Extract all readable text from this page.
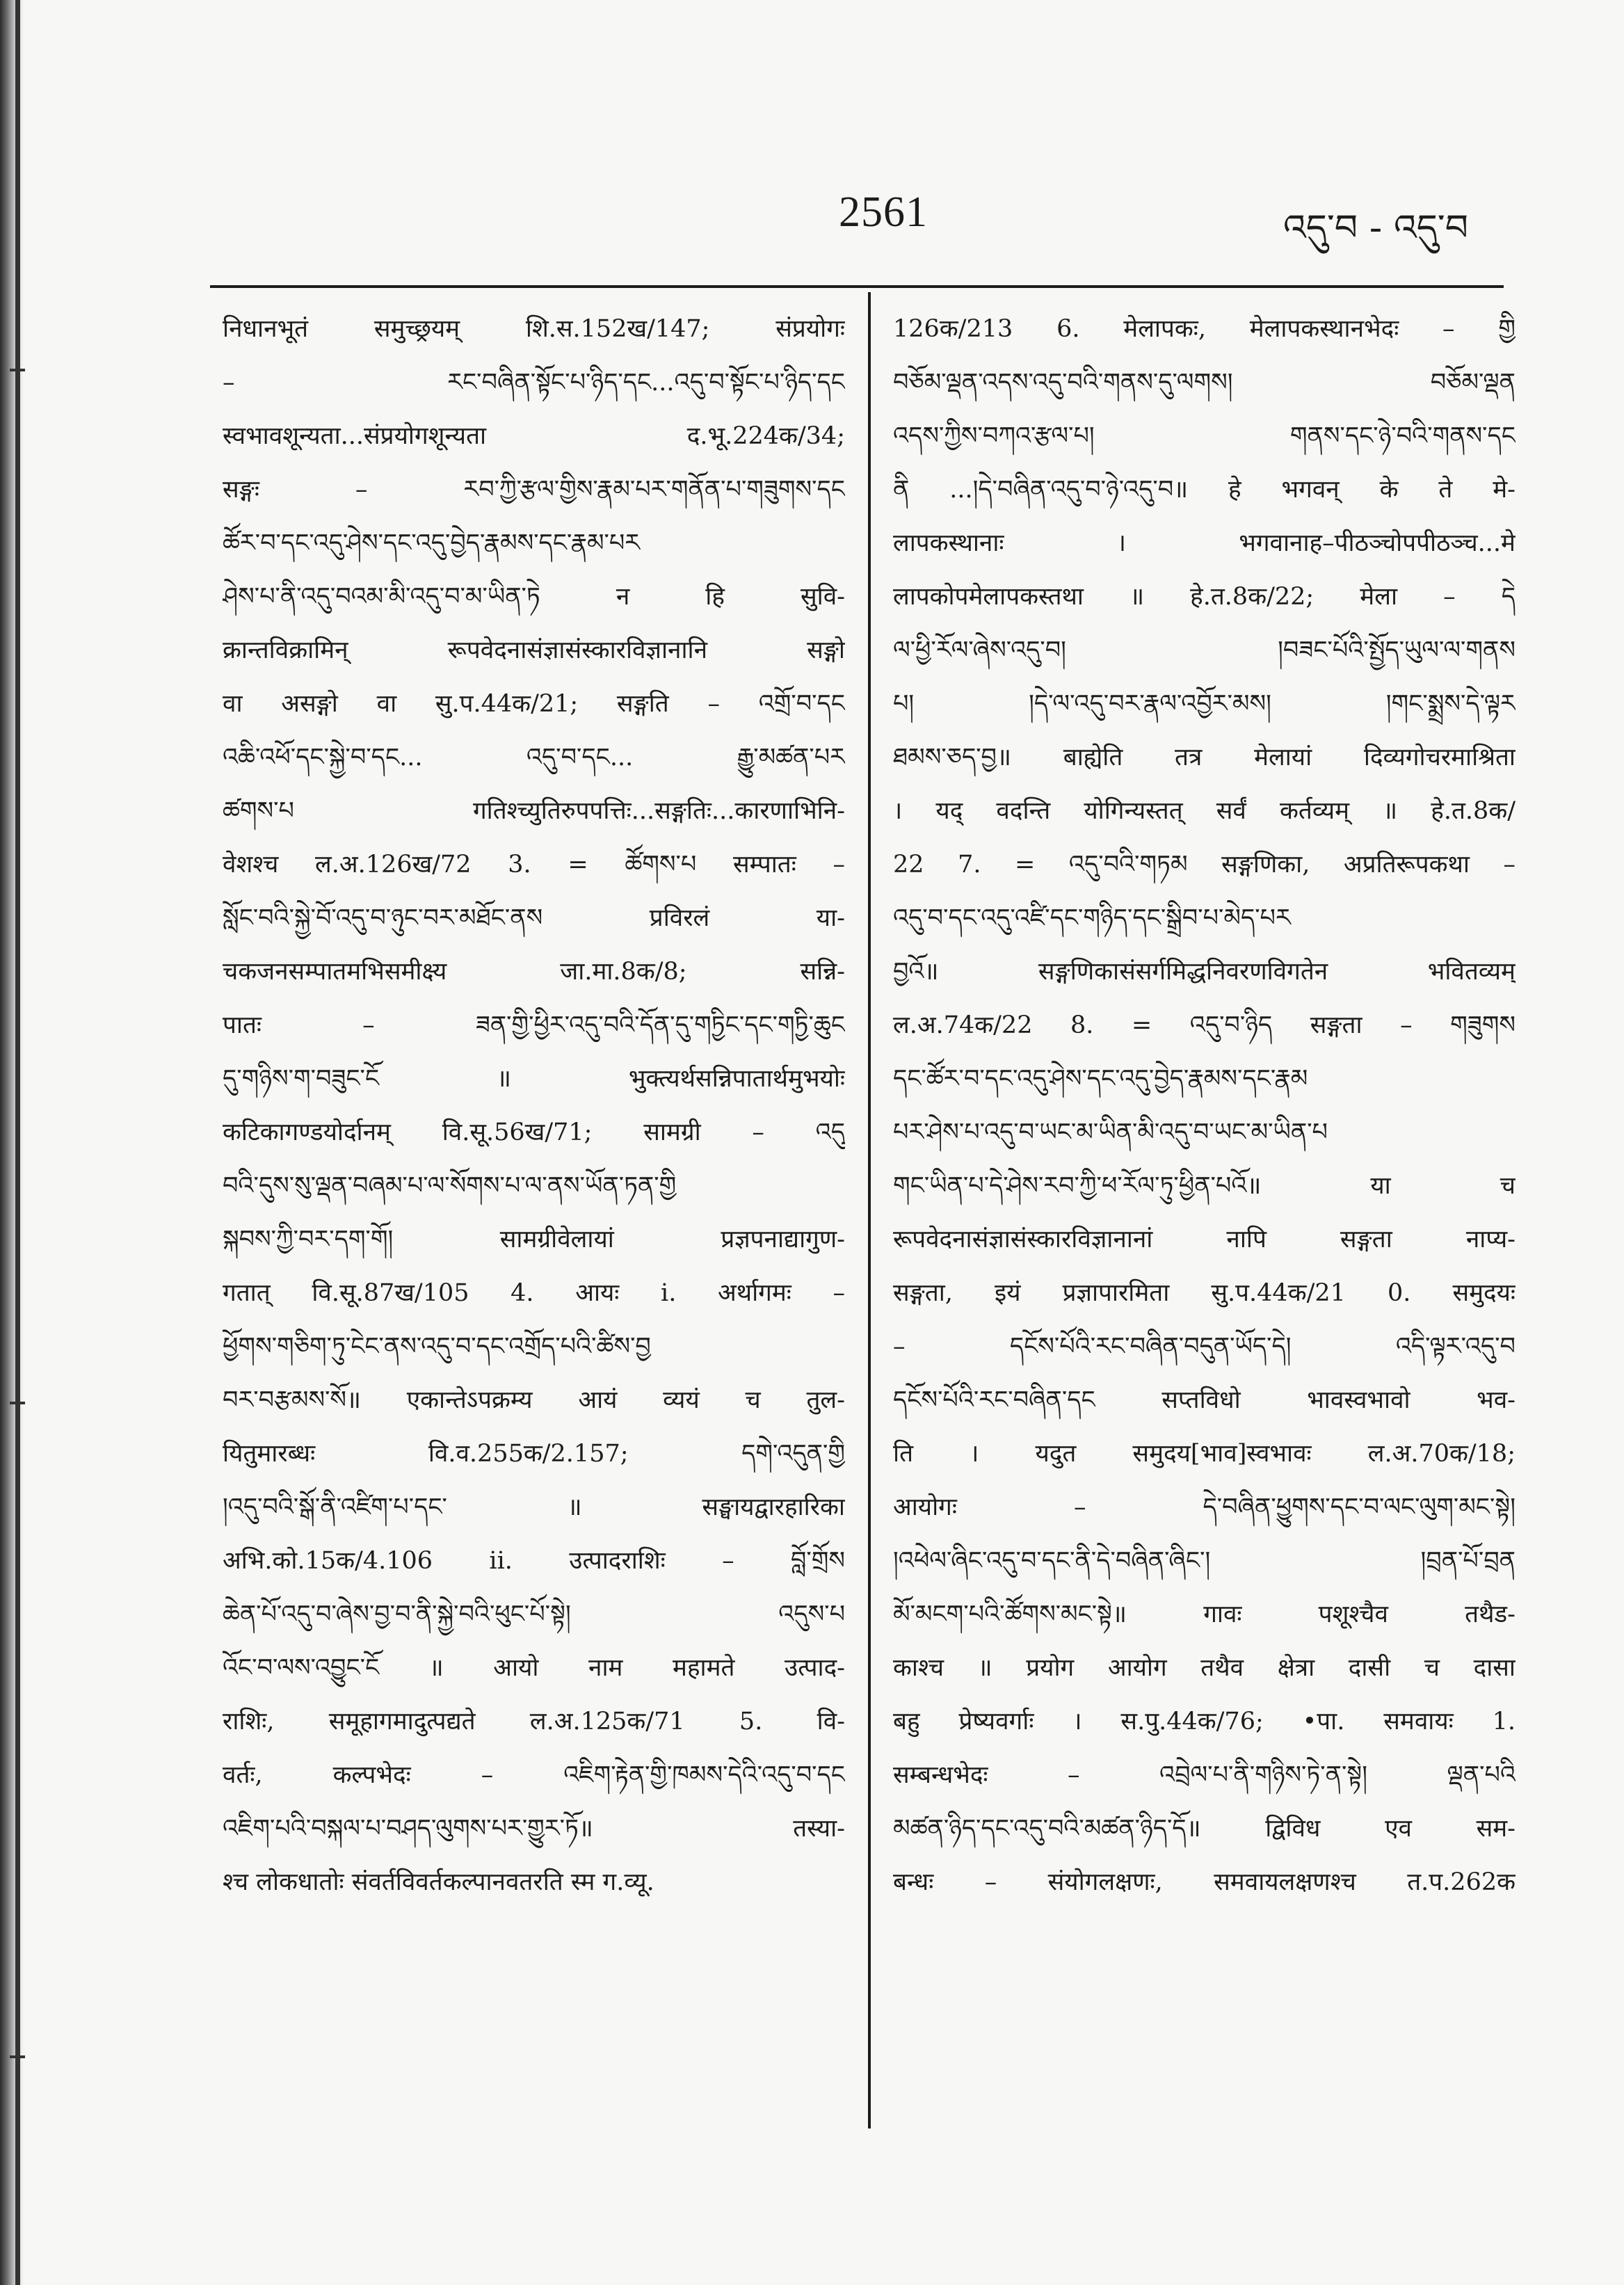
2561	འདུ་བ - འདུ་བ
निधानभूतं समुच्छ्रयम् शि.स.152ख/147; संप्रयोगः
– རང་བཞིན་སྟོང་པ་ཉིད་དང...འདུ་བ་སྟོང་པ་ཉིད་དང
स्वभावशून्यता...संप्रयोगशून्यता द.भू.224क/34;
सङ्गः – རབ་ཀྱི་རྩལ་གྱིས་རྣམ་པར་གནོན་པ་གཟུགས་དང
ཚོར་བ་དང་འདུ་ཤེས་དང་འདུ་བྱེད་རྣམས་དང་རྣམ་པར
ཤེས་པ་ནི་འདུ་བའམ་མི་འདུ་བ་མ་ཡིན་ཏེ न हि सुवि-
क्रान्तविक्रामिन् रूपवेदनासंज्ञासंस्कारविज्ञानानि सङ्गो
वा असङ्गो वा सु.प.44क/21; सङ्गति – འགྲོ་བ་དང
འཆི་འཕོ་དང་སྐྱེ་བ་དང... འདུ་བ་དང... རྒྱུ་མཚན་པར
ཚགས་པ गतिश्च्युतिरुपपत्तिः...सङ्गतिः...कारणाभिनि-
वेशश्च ल.अ.126ख/72 3. = ཚོགས་པ सम्पातः –
སློང་བའི་སྐྱེ་བོ་འདུ་བ་ཉུང་བར་མཐོང་ནས प्रविरलं या-
चकजनसम्पातमभिसमीक्ष्य जा.मा.8क/8; सन्नि-
पातः – ཟན་གྱི་ཕྱིར་འདུ་བའི་དོན་དུ་གཏྱིང་དང་གཏྱི་ཆུང
དུ་གཉིས་ག་བཟུང་ངོ ॥ भुक्त्यर्थसन्निपातार्थमुभयोः
कटिकागण्डयोर्दानम् वि.सू.56ख/71; सामग्री – འདུ
བའི་དུས་སུ་ལྡན་བཞམ་པ་ལ་སོགས་པ་ལ་ནས་ཡོན་ཏན་གྱི
སྐབས་ཀྱི་བར་དག་གོ། सामग्रीवेलायां प्रज्ञपनाद्यागुण-
गतात् वि.सू.87ख/105 4. आयः i. अर्थागमः –
ཕྱོགས་གཅིག་ཏུ་ངེང་ནས་འདུ་བ་དང་འགྲོད་པའི་ཚིས་བྱ
བར་བརྩམས་སོ॥ एकान्तेऽपक्रम्य आयं व्ययं च तुल-
यितुमारब्धः वि.व.255क/2.157; དགེ་འདུན་གྱི
།འདུ་བའི་སྒོ་ནི་འཛིག་པ་དང་ ॥ सङ्घायद्वारहारिका
अभि.को.15क/4.106 ii. उत्पादराशिः – བློ་གྲོས
ཆེན་པོ་འདུ་བ་ཞེས་བྱ་བ་ནི་སྐྱེ་བའི་ཕུང་པོ་སྟེ། འདུས་པ
འོང་བ་ལས་འབྱུང་ངོ ॥ आयो नाम महामते उत्पाद-
राशिः, समूहागमादुत्पद्यते ल.अ.125क/71 5. वि-
वर्तः, कल्पभेदः – འཇིག་རྟེན་གྱི་ཁམས་དེའི་འདུ་བ་དང
འཇིག་པའི་བསྐལ་པ་བཤད་ལུགས་པར་གྱུར་ཏོ॥ तस्या-
श्च लोकधातोः संवर्तविवर्तकल्पानवतरति स्म ग.व्यू.
126क/213 6. मेलापकः, मेलापकस्थानभेदः – གྱི
བཅོམ་ལྡན་འདས་འདུ་བའི་གནས་དུ་ལགས། བཅོམ་ལྡན
འདས་ཀྱིས་བཀའ་རྩལ་པ། གནས་དང་ཉེ་བའི་གནས་དང
ནི ...།དེ་བཞིན་འདུ་བ་ཉེ་འདུ་བ॥ हे भगवन् के ते मे-
लापकस्थानाः । भगवानाह–पीठञ्चोपपीठञ्च...मे
लापकोपमेलापकस्तथा ॥ हे.त.8क/22; मेला – དེ
ལ་ཕྱི་རོལ་ཞེས་འདུ་བ། །བཟང་པོའི་སྤྱོད་ཡུལ་ལ་གནས
པ། །དེ་ལ་འདུ་བར་རྣལ་འབྱོར་མས། །གང་སྨྲས་དེ་ལྟར
ཐམས་ཅད་བྱ॥ बाह्येति तत्र मेलायां दिव्यगोचरमाश्रिता
। यद् वदन्ति योगिन्यस्तत् सर्वं कर्तव्यम् ॥ हे.त.8क/
22 7. = འདུ་བའི་གཏམ सङ्गणिका, अप्रतिरूपकथा –
འདུ་བ་དང་འདུ་འཛི་དང་གཉིད་དང་སྒྲིབ་པ་མེད་པར
བྱའོ॥ सङ्गणिकासंसर्गमिद्धनिवरणविगतेन भवितव्यम्
ल.अ.74क/22 8. = འདུ་བ་ཉིད सङ्गता – གཟུགས
དང་ཚོར་བ་དང་འདུ་ཤེས་དང་འདུ་བྱེད་རྣམས་དང་རྣམ
པར་ཤེས་པ་འདུ་བ་ཡང་མ་ཡིན་མི་འདུ་བ་ཡང་མ་ཡིན་པ
གང་ཡིན་པ་དེ་ཤེས་རབ་ཀྱི་ཕ་རོལ་ཏུ་ཕྱིན་པའོ॥ या च
रूपवेदनासंज्ञासंस्कारविज्ञानानां नापि सङ्गता नाप्य-
सङ्गता, इयं प्रज्ञापारमिता सु.प.44क/21 0. समुदयः
– དངོས་པོའི་རང་བཞིན་བདུན་ཡོད་དེ། འདི་ལྟར་འདུ་བ
དངོས་པོའི་རང་བཞིན་དང सप्तविधो भावस्वभावो भव-
ति । यदुत समुदय[भाव]स्वभावः ल.अ.70क/18;
आयोगः – དེ་བཞིན་ཕྱུགས་དང་བ་ལང་ལུག་མང་སྟེ།
།འཕེལ་ཞིང་འདུ་བ་དང་ནི་དེ་བཞིན་ཞིང་། །བྲན་པོ་བྲན
མོ་མངག་པའི་ཚོགས་མང་སྟེ॥ गावः पशूश्चैव तथैड-
काश्च ॥ प्रयोग आयोग तथैव क्षेत्रा दासी च दासा
बहु प्रेष्यवर्गाः । स.पु.44क/76; •पा. समवायः 1.
सम्बन्धभेदः – འབྲེལ་པ་ནི་གཉིས་ཏེ་ན་སྟེ། ལྡན་པའི
མཚན་ཉིད་དང་འདུ་བའི་མཚན་ཉིད་དོ॥ द्विविध एव सम-
बन्धः – संयोगलक्षणः, समवायलक्षणश्च त.प.262क
